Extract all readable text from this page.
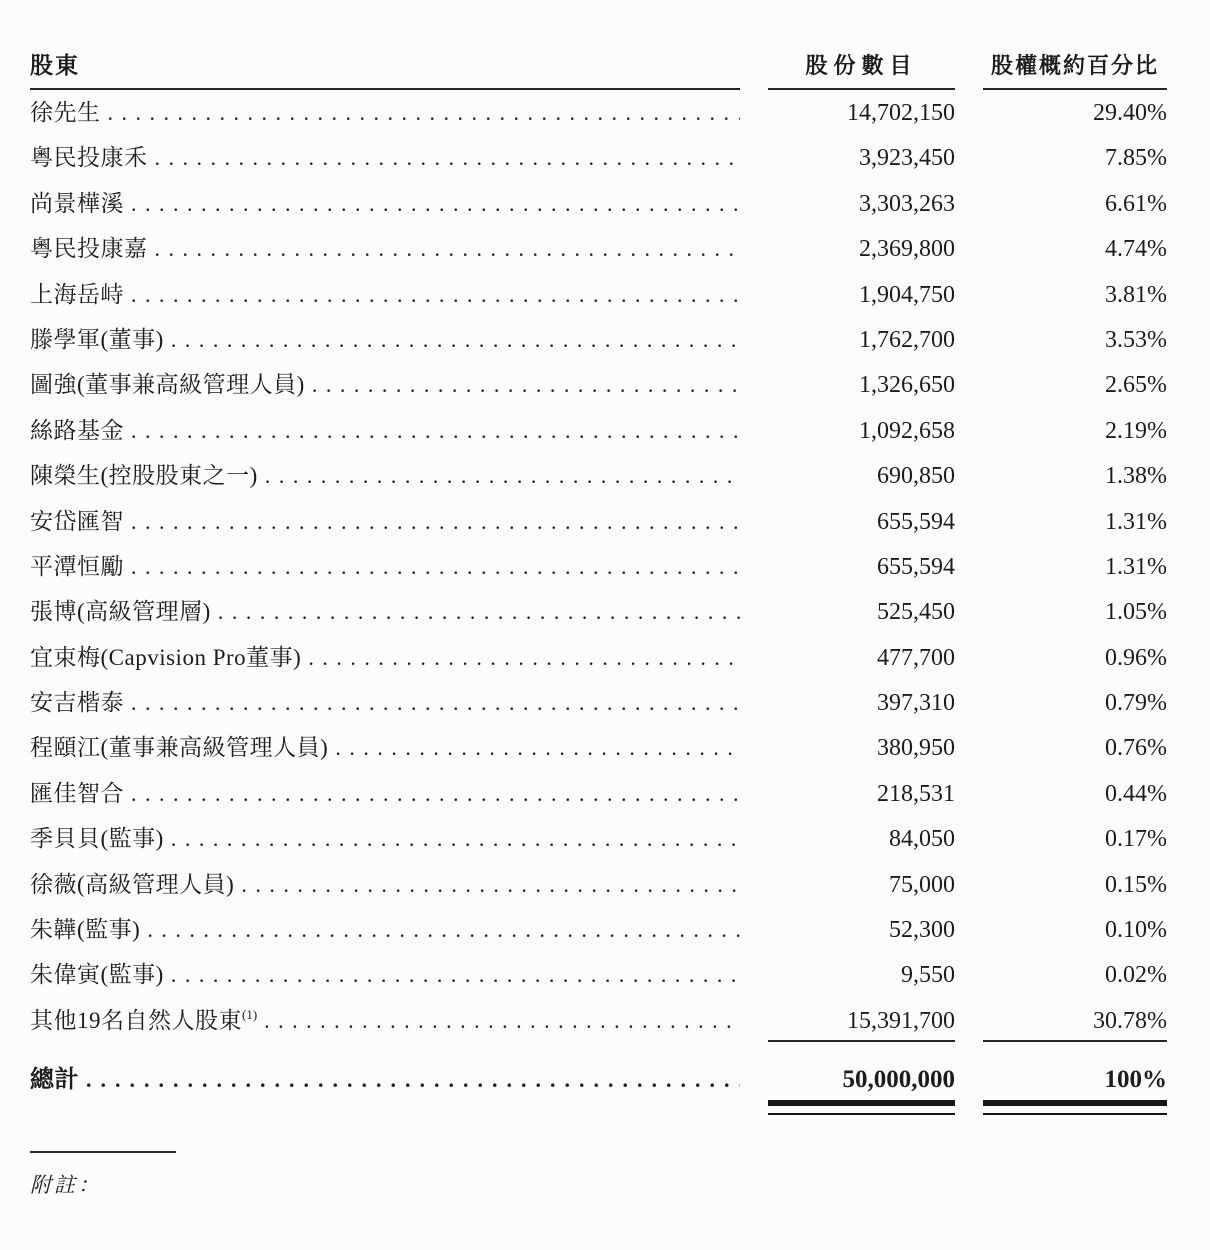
股東	股份數目	股權概約百分比
徐先生 .....	14,702,150	29.40%
粵民投康禾 .....	3,923,450	7.85%
尚景樺溪 .....	3,303,263	6.61%
粵民投康嘉 .....	2,369,800	4.74%
上海岳峙 .....	1,904,750	3.81%
滕學軍(董事) .....	1,762,700	3.53%
圖強(董事兼高級管理人員) .....	1,326,650	2.65%
絲路基金 .....	1,092,658	2.19%
陳榮生(控股股東之一) .....	690,850	1.38%
安岱匯智 .....	655,594	1.31%
平潭恒勵 .....	655,594	1.31%
張博(高級管理層) .....	525,450	1.05%
宜束梅(Capvision Pro董事) .....	477,700	0.96%
安吉楷泰 .....	397,310	0.79%
程頤江(董事兼高級管理人員) .....	380,950	0.76%
匯佳智合 .....	218,531	0.44%
季貝貝(監事) .....	84,050	0.17%
徐薇(高級管理人員) .....	75,000	0.15%
朱韡(監事) .....	52,300	0.10%
朱偉寅(監事) .....	9,550	0.02%
其他19名自然人股東 (1) .....	15,391,700	30.78%
總計 .....	50,000,000	100%
附註：
